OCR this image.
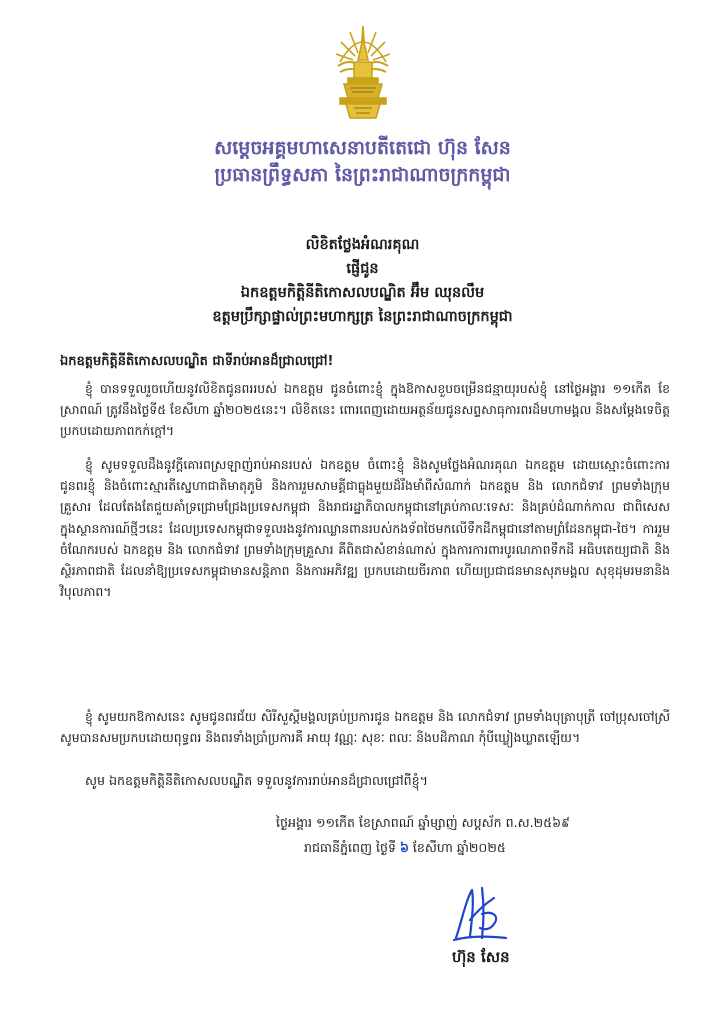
សម្តេចអគ្គមហាសេនាបតីតេជោ ហ៊ុន សែន
ប្រធានព្រឹទ្ធសភា នៃព្រះរាជាណាចក្រកម្ពុជា
លិខិតថ្លែងអំណរគុណ
ផ្ញើជូន
ឯកឧត្តមកិត្តិនីតិកោសលបណ្ឌិត អ៊ឹម ឈុនលឹម
ឧត្តមប្រឹក្សាផ្ទាល់ព្រះមហាក្សត្រ នៃព្រះរាជាណាចក្រកម្ពុជា
ឯកឧត្តមកិត្តិនីតិកោសលបណ្ឌិត ជាទីរាប់អានដ៏ជ្រាលជ្រៅ!

ខ្ញុំ បានទទួលរួចហើយនូវលិខិតជូនពររបស់ ឯកឧត្តម ជូនចំពោះខ្ញុំ ក្នុងឱកាសខួបចម្រើនជន្មាយុរបស់ខ្ញុំ នៅថ្ងៃអង្គារ ១១កើត ខែស្រាពណ៍ ត្រូវនឹងថ្ងៃទី៥ ខែសីហា ឆ្នាំ២០២៥នេះ។ លិខិតនេះ ពោរពេញដោយអត្ថន័យជូនសព្ទសាធុការពរដ៏មហាមង្គល និងសម្តែងទេចិត្តប្រកបដោយភាពកក់ក្តៅ។

ខ្ញុំ សូមទទួលដឹងនូវក្តីគោរពស្រឡាញ់រាប់អានរបស់ ឯកឧត្តម ចំពោះខ្ញុំ និងសូមថ្លែងអំណរគុណ ឯកឧត្តម ដោយស្មោះចំពោះការជូនពរខ្ញុំ និងចំពោះស្មារតីស្នេហាជាតិមាតុភូមិ និងការរួមសាមគ្គីជាធ្លុងមួយដ៏រឹងមាំពីសំណាក់ ឯកឧត្តម និង លោកជំទាវ ព្រមទាំងក្រុមគ្រួសារ ដែលតែងតែជួយគាំទ្រជ្រោមជ្រែងប្រទេសកម្ពុជា និងរាជរដ្ឋាភិបាលកម្ពុជានៅគ្រប់កាលៈទេសៈ និងគ្រប់ដំណាក់កាល ជាពិសេសក្នុងស្ថានការណ៍ថ្មីៗនេះ ដែលប្រទេសកម្ពុជាទទួលរងនូវការឈ្លានពានរបស់កងទ័ពថៃមកលើទឹកដីកម្ពុជានៅតាមព្រំដែនកម្ពុជា-ថៃ។ ការរួមចំណែករបស់ ឯកឧត្តម និង លោកជំទាវ ព្រមទាំងក្រុមគ្រួសារ គឺពិតជាសំខាន់ណាស់ ក្នុងការការពារបូរណភាពទឹកដី អធិបតេយ្យជាតិ និងស្ថិរភាពជាតិ ដែលនាំឱ្យប្រទេសកម្ពុជាមានសន្តិភាព និងការអភិវឌ្ឍ ប្រកបដោយចីរភាព ហើយប្រជាជនមានសុភមង្គល សុខុដុមរមនានិងវិបុលភាព។

ខ្ញុំ សូមយកឱកាសនេះ សូមជូនពរជ័យ សិរីសួស្តីមង្គលគ្រប់ប្រការជូន ឯកឧត្តម និង លោកជំទាវ ព្រមទាំងបុត្រាបុត្រី ចៅប្រុសចៅស្រី សូមបានសមប្រកបដោយពុទ្ធពរ និងពរទាំងប្រាំប្រការគឺ អាយុ វណ្ណៈ សុខៈ ពលៈ និងបដិភាណ កុំបីឃ្លៀងឃ្លាតឡើយ។

សូម ឯកឧត្តមកិត្តិនីតិកោសលបណ្ឌិត ទទួលនូវការរាប់អានដ៏ជ្រាលជ្រៅពីខ្ញុំ។
ថ្ងៃអង្គារ ១១កើត ខែស្រាពណ៍ ឆ្នាំម្សាញ់ សប្តស័ក ព.ស.២៥៦៩
រាជធានីភ្នំពេញ ថ្ងៃទី ៦ ខែសីហា ឆ្នាំ២០២៥
ហ៊ុន សែន
